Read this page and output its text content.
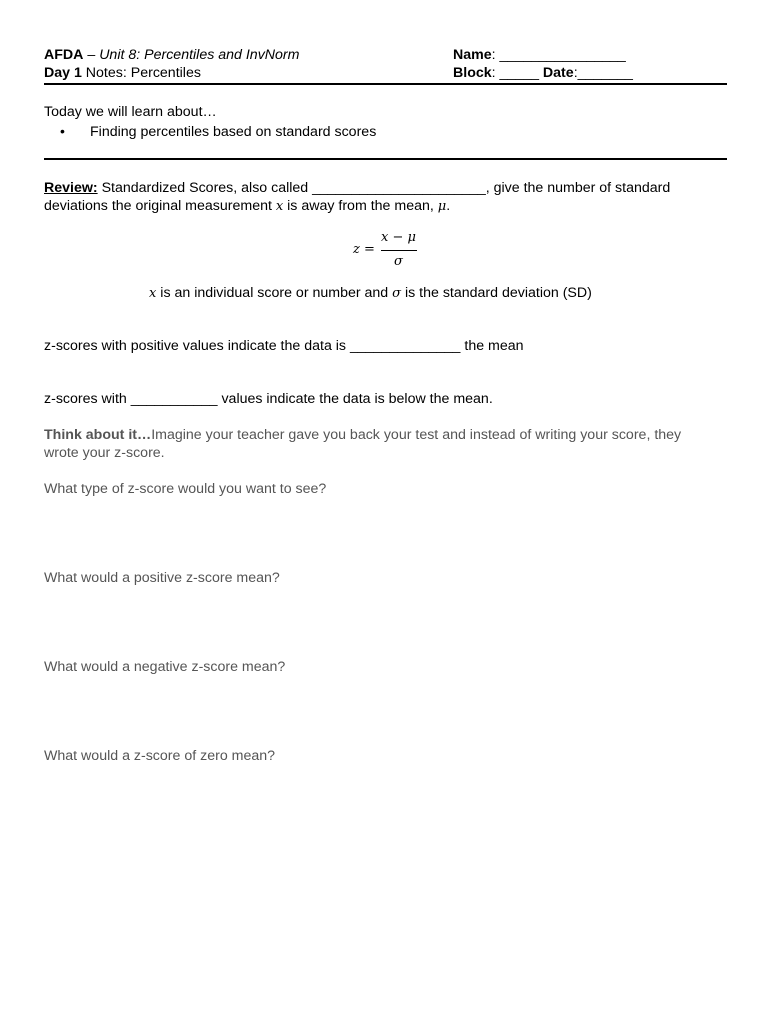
AFDA – Unit 8: Percentiles and InvNorm
Day 1 Notes: Percentiles
Name: ________________
Block: _____ Date:_______
Today we will learn about…
• Finding percentiles based on standard scores
Review: Standardized Scores, also called ______________________, give the number of standard
deviations the original measurement x is away from the mean, μ.
z =
x − μ
σ
x is an individual score or number and σ is the standard deviation (SD)
z-scores with positive values indicate the data is ______________ the mean
z-scores with ___________ values indicate the data is below the mean.
Think about it…Imagine your teacher gave you back your test and instead of writing your score, they
wrote your z-score.
What type of z-score would you want to see?
What would a positive z-score mean?
What would a negative z-score mean?
What would a z-score of zero mean?
